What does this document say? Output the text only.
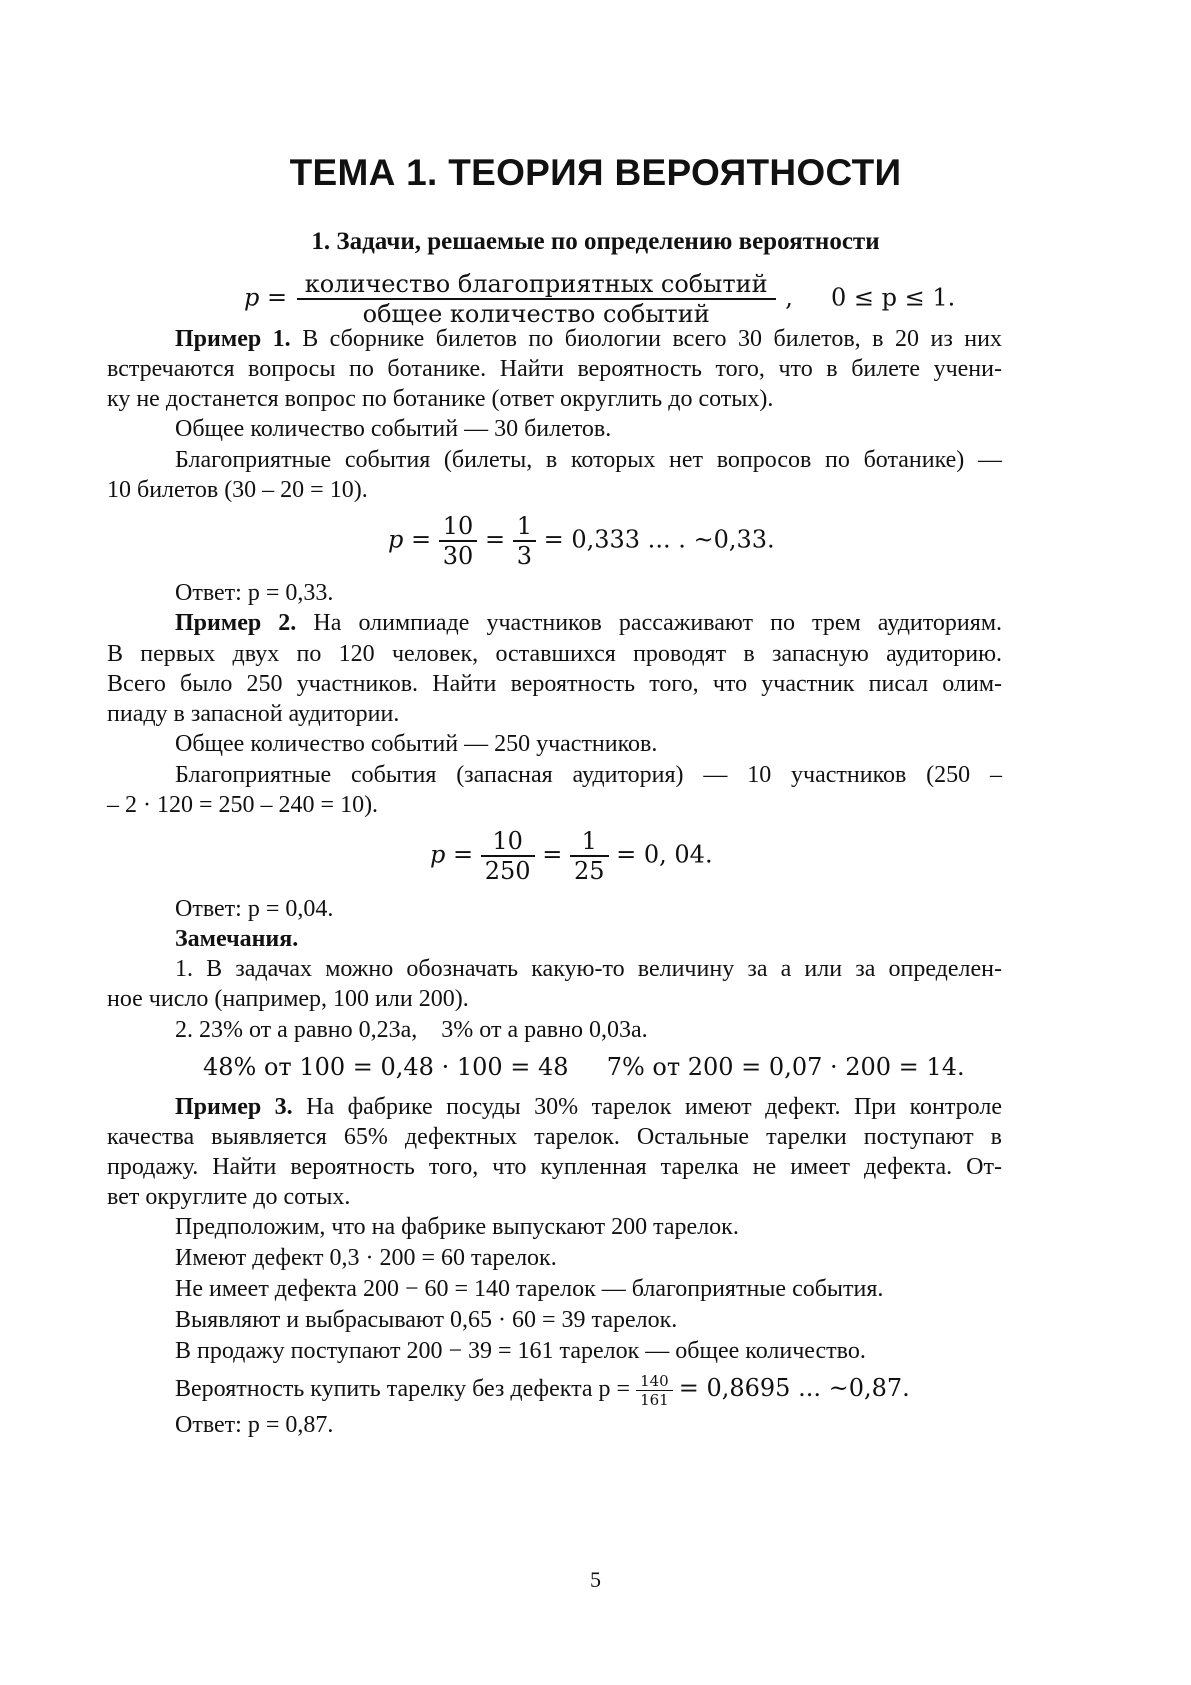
ТЕМА 1. ТЕОРИЯ ВЕРОЯТНОСТИ
1. Задачи, решаемые по определению вероятности
$p = \frac{\text{количество благоприятных событий}}{\text{общее количество событий}}$ ,     0 ≤ p ≤ 1.
Пример 1. В сборнике билетов по биологии всего 30 билетов, в 20 из них
встречаются вопросы по ботанике. Найти вероятность того, что в билете учени-
ку не достанется вопрос по ботанике (ответ округлить до сотых).
Общее количество событий — 30 билетов.
Благоприятные события (билеты, в которых нет вопросов по ботанике) —
10 билетов (30 – 20 = 10).
$p = \frac{10}{30} = \frac{1}{3} = 0,333$ ... . ~0,33.
Ответ: p = 0,33.
Пример 2. На олимпиаде участников рассаживают по трем аудиториям.
В первых двух по 120 человек, оставшихся проводят в запасную аудиторию.
Всего было 250 участников. Найти вероятность того, что участник писал олим-
пиаду в запасной аудитории.
Общее количество событий — 250 участников.
Благоприятные события (запасная аудитория) — 10 участников (250 –
– 2 · 120 = 250 – 240 = 10).
$p = \frac{10}{250} = \frac{1}{25} = 0$, 04.
Ответ: p = 0,04.
Замечания.
1. В задачах можно обозначать какую-то величину за a или за определен-
ное число (например, 100 или 200).
2. 23% от a равно 0,23a,    3% от a равно 0,03a.
48% от 100 = 0,48 · 100 = 48     7% от 200 = 0,07 · 200 = 14.
Пример 3. На фабрике посуды 30% тарелок имеют дефект. При контроле
качества выявляется 65% дефектных тарелок. Остальные тарелки поступают в
продажу. Найти вероятность того, что купленная тарелка не имеет дефекта. От-
вет округлите до сотых.
Предположим, что на фабрике выпускают 200 тарелок.
Имеют дефект 0,3 · 200 = 60 тарелок.
Не имеет дефекта 200 − 60 = 140 тарелок — благоприятные события.
Выявляют и выбрасывают 0,65 · 60 = 39 тарелок.
В продажу поступают 200 − 39 = 161 тарелок — общее количество.
Вероятность купить тарелку без дефекта $p = \frac{140}{161} = 0,8695$ ... ~0,87.
Ответ: p = 0,87.
5
